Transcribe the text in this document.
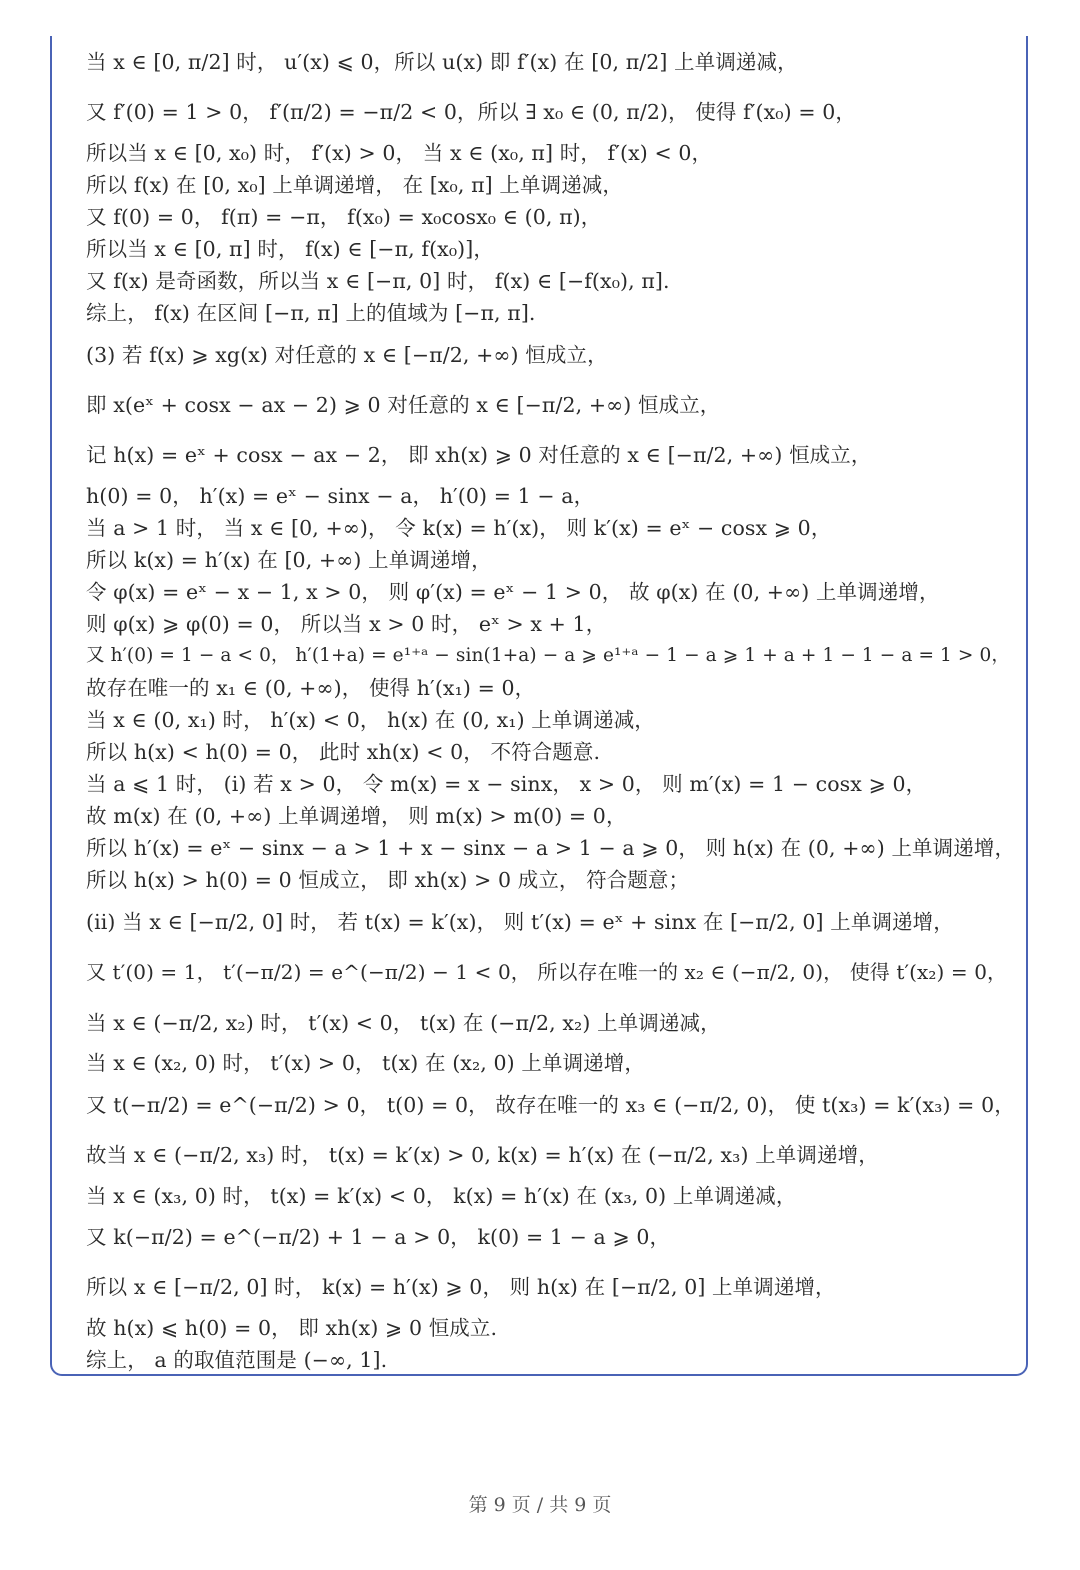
当 x ∈ [0, π/2] 时， u′(x) ⩽ 0，所以 u(x) 即 f′(x) 在 [0, π/2] 上单调递减，
又 f′(0) = 1 > 0， f′(π/2) = −π/2 < 0，所以 ∃ x₀ ∈ (0, π/2)， 使得 f′(x₀) = 0，
所以当 x ∈ [0, x₀) 时， f′(x) > 0， 当 x ∈ (x₀, π] 时， f′(x) < 0，
所以 f(x) 在 [0, x₀] 上单调递增， 在 [x₀, π] 上单调递减，
又 f(0) = 0， f(π) = −π， f(x₀) = x₀cosx₀ ∈ (0, π)，
所以当 x ∈ [0, π] 时， f(x) ∈ [−π, f(x₀)]，
又 f(x) 是奇函数，所以当 x ∈ [−π, 0] 时， f(x) ∈ [−f(x₀), π].
综上， f(x) 在区间 [−π, π] 上的值域为 [−π, π].
(3) 若 f(x) ⩾ xg(x) 对任意的 x ∈ [−π/2, +∞) 恒成立，
即 x(eˣ + cosx − ax − 2) ⩾ 0 对任意的 x ∈ [−π/2, +∞) 恒成立，
记 h(x) = eˣ + cosx − ax − 2， 即 xh(x) ⩾ 0 对任意的 x ∈ [−π/2, +∞) 恒成立，
h(0) = 0， h′(x) = eˣ − sinx − a， h′(0) = 1 − a，
当 a > 1 时， 当 x ∈ [0, +∞)， 令 k(x) = h′(x)， 则 k′(x) = eˣ − cosx ⩾ 0，
所以 k(x) = h′(x) 在 [0, +∞) 上单调递增，
令 φ(x) = eˣ − x − 1, x > 0， 则 φ′(x) = eˣ − 1 > 0， 故 φ(x) 在 (0, +∞) 上单调递增，
则 φ(x) ⩾ φ(0) = 0， 所以当 x > 0 时， eˣ > x + 1，
又 h′(0) = 1 − a < 0， h′(1+a) = e¹⁺ᵃ − sin(1+a) − a ⩾ e¹⁺ᵃ − 1 − a ⩾ 1 + a + 1 − 1 − a = 1 > 0，
故存在唯一的 x₁ ∈ (0, +∞)， 使得 h′(x₁) = 0，
当 x ∈ (0, x₁) 时， h′(x) < 0， h(x) 在 (0, x₁) 上单调递减，
所以 h(x) < h(0) = 0， 此时 xh(x) < 0， 不符合题意.
当 a ⩽ 1 时， (i) 若 x > 0， 令 m(x) = x − sinx， x > 0， 则 m′(x) = 1 − cosx ⩾ 0，
故 m(x) 在 (0, +∞) 上单调递增， 则 m(x) > m(0) = 0，
所以 h′(x) = eˣ − sinx − a > 1 + x − sinx − a > 1 − a ⩾ 0， 则 h(x) 在 (0, +∞) 上单调递增，
所以 h(x) > h(0) = 0 恒成立， 即 xh(x) > 0 成立， 符合题意；
(ii) 当 x ∈ [−π/2, 0] 时， 若 t(x) = k′(x)， 则 t′(x) = eˣ + sinx 在 [−π/2, 0] 上单调递增，
又 t′(0) = 1， t′(−π/2) = e^(−π/2) − 1 < 0， 所以存在唯一的 x₂ ∈ (−π/2, 0)， 使得 t′(x₂) = 0，
当 x ∈ (−π/2, x₂) 时， t′(x) < 0， t(x) 在 (−π/2, x₂) 上单调递减，
当 x ∈ (x₂, 0) 时， t′(x) > 0， t(x) 在 (x₂, 0) 上单调递增，
又 t(−π/2) = e^(−π/2) > 0， t(0) = 0， 故存在唯一的 x₃ ∈ (−π/2, 0)， 使 t(x₃) = k′(x₃) = 0，
故当 x ∈ (−π/2, x₃) 时， t(x) = k′(x) > 0, k(x) = h′(x) 在 (−π/2, x₃) 上单调递增，
当 x ∈ (x₃, 0) 时， t(x) = k′(x) < 0， k(x) = h′(x) 在 (x₃, 0) 上单调递减，
又 k(−π/2) = e^(−π/2) + 1 − a > 0， k(0) = 1 − a ⩾ 0，
所以 x ∈ [−π/2, 0] 时， k(x) = h′(x) ⩾ 0， 则 h(x) 在 [−π/2, 0] 上单调递增，
故 h(x) ⩽ h(0) = 0， 即 xh(x) ⩾ 0 恒成立.
综上， a 的取值范围是 (−∞, 1].
第 9 页 / 共 9 页
